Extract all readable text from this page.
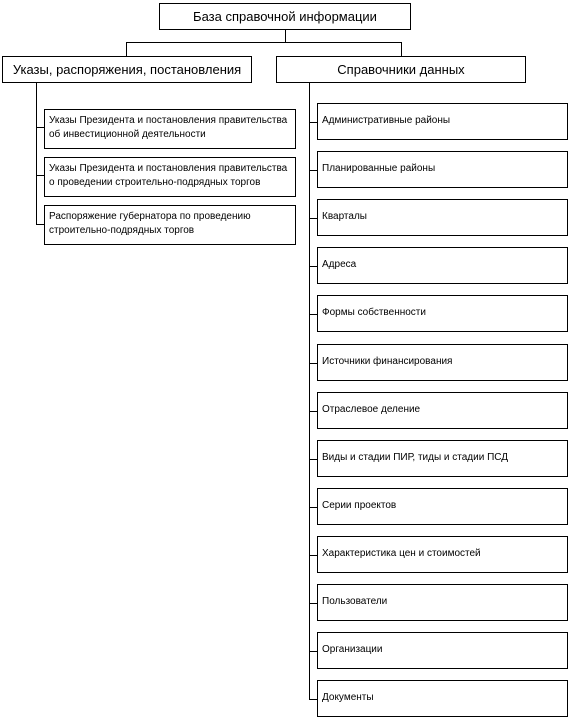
База справочной информации
Указы, распоряжения, постановления	Справочники данных
Указы Президента и постановления правительства об инвестиционной деятельности
Указы Президента и постановления правительства о проведении строительно-подрядных торгов
Распоряжение губернатора по проведению строительно-подрядных торгов
Административные районы
Планированные районы
Кварталы
Адреса
Формы собственности
Источники финансирования
Отраслевое деление
Виды и стадии ПИР, тиды и стадии ПСД
Серии проектов
Характеристика цен и стоимостей
Пользователи
Организации
Документы
